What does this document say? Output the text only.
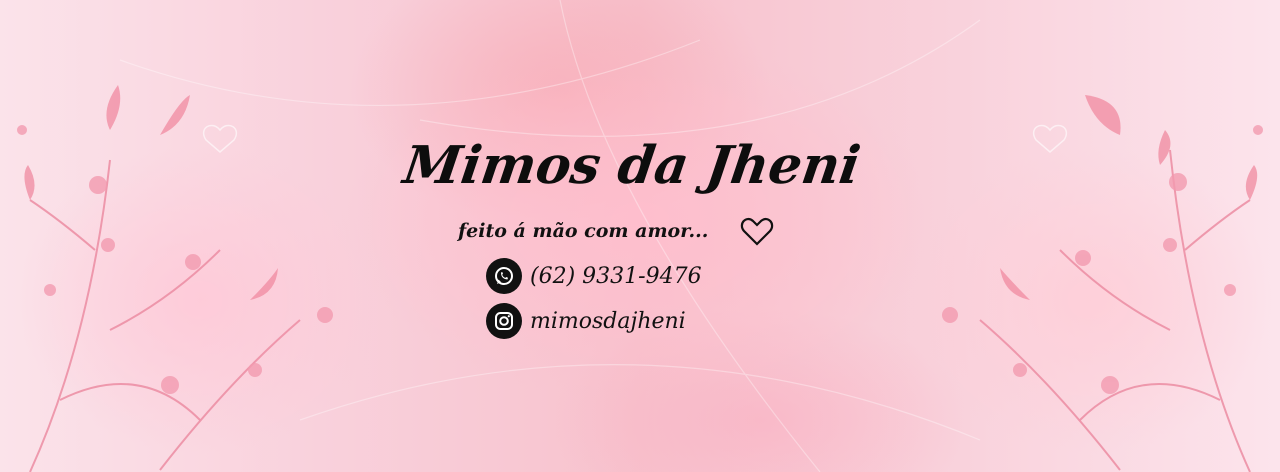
Mimos da Jheni
feito á mão com amor...
(62) 9331-9476
mimosdajheni
